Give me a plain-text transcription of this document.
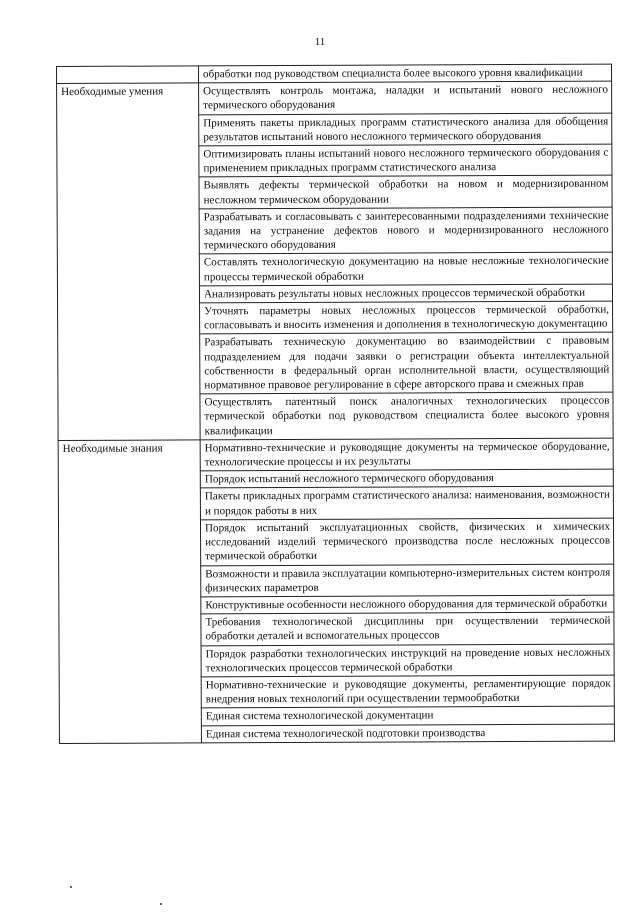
11
	обработки под руководством специалиста более высокого уровня квалификации
Необходимые умения	Осуществлять контроль монтажа, наладки и испытаний нового несложного термического оборудования
	Применять пакеты прикладных программ статистического анализа для обобщения результатов испытаний нового несложного термического оборудования
	Оптимизировать планы испытаний нового несложного термического оборудования с применением прикладных программ статистического анализа
	Выявлять дефекты термической обработки на новом и модернизированном несложном термическом оборудовании
	Разрабатывать и согласовывать с заинтересованными подразделениями технические задания на устранение дефектов нового и модернизированного несложного термического оборудования
	Составлять технологическую документацию на новые несложные технологические процессы термической обработки
	Анализировать результаты новых несложных процессов термической обработки
	Уточнять параметры новых несложных процессов термической обработки, согласовывать и вносить изменения и дополнения в технологическую документацию
	Разрабатывать техническую документацию во взаимодействии с правовым подразделением для подачи заявки о регистрации объекта интеллектуальной собственности в федеральный орган исполнительной власти, осуществляющий нормативное правовое регулирование в сфере авторского права и смежных прав
	Осуществлять патентный поиск аналогичных технологических процессов термической обработки под руководством специалиста более высокого уровня квалификации
Необходимые знания	Нормативно-технические и руководящие документы на термическое оборудование, технологические процессы и их результаты
	Порядок испытаний несложного термического оборудования
	Пакеты прикладных программ статистического анализа: наименования, возможности и порядок работы в них
	Порядок испытаний эксплуатационных свойств, физических и химических исследований изделий термического производства после несложных процессов термической обработки
	Возможности и правила эксплуатации компьютерно-измерительных систем контроля физических параметров
	Конструктивные особенности несложного оборудования для термической обработки
	Требования технологической дисциплины при осуществлении термической обработки деталей и вспомогательных процессов
	Порядок разработки технологических инструкций на проведение новых несложных технологических процессов термической обработки
	Нормативно-технические и руководящие документы, регламентирующие порядок внедрения новых технологий при осуществлении термообработки
	Единая система технологической документации
	Единая система технологической подготовки производства
